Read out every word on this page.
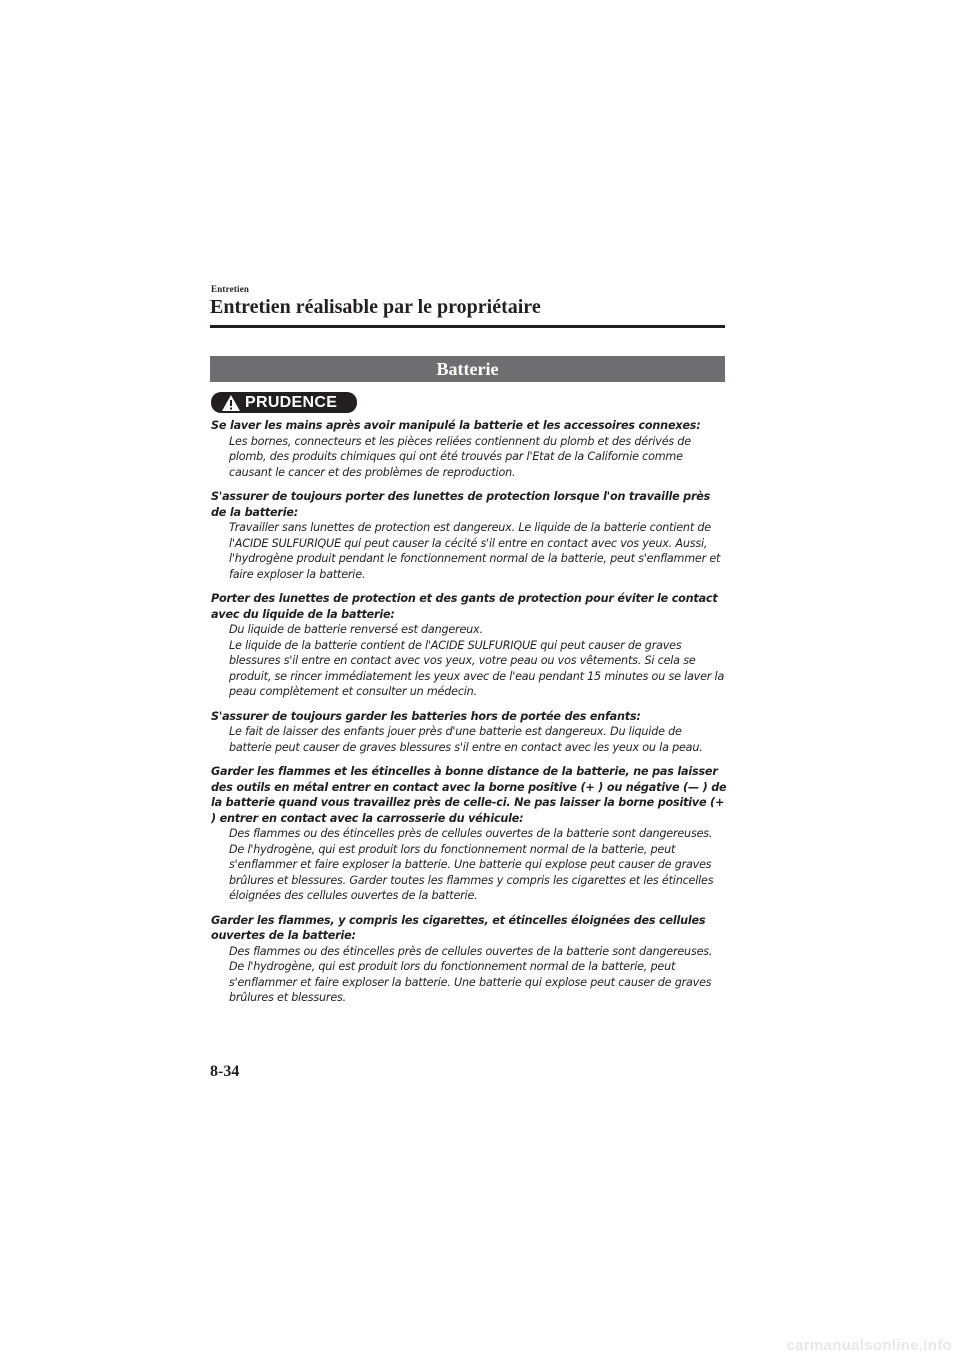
Entretien
Entretien réalisable par le propriétaire
Batterie
PRUDENCE
Se laver les mains après avoir manipulé la batterie et les accessoires connexes:

Les bornes, connecteurs et les pièces reliées contiennent du plomb et des dérivés de plomb, des produits chimiques qui ont été trouvés par l'Etat de la Californie comme causant le cancer et des problèmes de reproduction.

S'assurer de toujours porter des lunettes de protection lorsque l'on travaille près de la batterie:

Travailler sans lunettes de protection est dangereux. Le liquide de la batterie contient de l'ACIDE SULFURIQUE qui peut causer la cécité s'il entre en contact avec vos yeux. Aussi, l'hydrogène produit pendant le fonctionnement normal de la batterie, peut s'enflammer et faire exploser la batterie.

Porter des lunettes de protection et des gants de protection pour éviter le contact avec du liquide de la batterie:

Du liquide de batterie renversé est dangereux.

Le liquide de la batterie contient de l'ACIDE SULFURIQUE qui peut causer de graves blessures s'il entre en contact avec vos yeux, votre peau ou vos vêtements. Si cela se produit, se rincer immédiatement les yeux avec de l'eau pendant 15 minutes ou se laver la peau complètement et consulter un médecin.

S'assurer de toujours garder les batteries hors de portée des enfants:

Le fait de laisser des enfants jouer près d'une batterie est dangereux. Du liquide de batterie peut causer de graves blessures s'il entre en contact avec les yeux ou la peau.

Garder les flammes et les étincelles à bonne distance de la batterie, ne pas laisser des outils en métal entrer en contact avec la borne positive (+ ) ou négative (— ) de la batterie quand vous travaillez près de celle-ci. Ne pas laisser la borne positive (+ ) entrer en contact avec la carrosserie du véhicule:

Des flammes ou des étincelles près de cellules ouvertes de la batterie sont dangereuses. De l'hydrogène, qui est produit lors du fonctionnement normal de la batterie, peut s'enflammer et faire exploser la batterie. Une batterie qui explose peut causer de graves brûlures et blessures. Garder toutes les flammes y compris les cigarettes et les étincelles éloignées des cellules ouvertes de la batterie.

Garder les flammes, y compris les cigarettes, et étincelles éloignées des cellules ouvertes de la batterie:

Des flammes ou des étincelles près de cellules ouvertes de la batterie sont dangereuses. De l'hydrogène, qui est produit lors du fonctionnement normal de la batterie, peut s'enflammer et faire exploser la batterie. Une batterie qui explose peut causer de graves brûlures et blessures.

8-34
carmanualsonline.info
